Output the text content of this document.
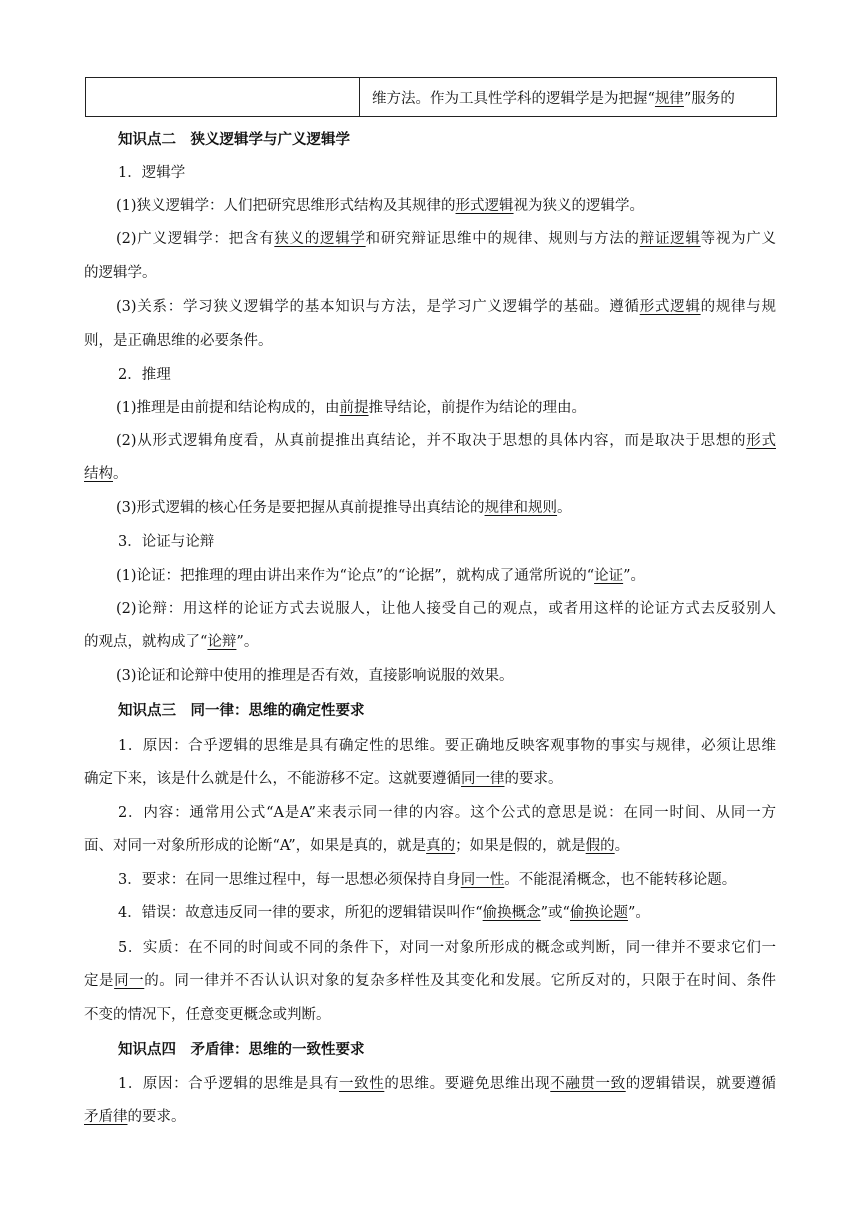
	维方法。作为工具性学科的逻辑学是为把握“规律”服务的
知识点二　狭义逻辑学与广义逻辑学
1．逻辑学
(1)狭义逻辑学：人们把研究思维形式结构及其规律的形式逻辑视为狭义的逻辑学。
(2)广义逻辑学：把含有狭义的逻辑学和研究辩证思维中的规律、规则与方法的辩证逻辑等视为广义
的逻辑学。
(3)关系：学习狭义逻辑学的基本知识与方法，是学习广义逻辑学的基础。遵循形式逻辑的规律与规
则，是正确思维的必要条件。
2．推理
(1)推理是由前提和结论构成的，由前提推导结论，前提作为结论的理由。
(2)从形式逻辑角度看，从真前提推出真结论，并不取决于思想的具体内容，而是取决于思想的形式
结构。
(3)形式逻辑的核心任务是要把握从真前提推导出真结论的规律和规则。
3．论证与论辩
(1)论证：把推理的理由讲出来作为“论点”的“论据”，就构成了通常所说的“论证”。
(2)论辩：用这样的论证方式去说服人，让他人接受自己的观点，或者用这样的论证方式去反驳别人
的观点，就构成了“论辩”。
(3)论证和论辩中使用的推理是否有效，直接影响说服的效果。
知识点三　同一律：思维的确定性要求
1．原因：合乎逻辑的思维是具有确定性的思维。要正确地反映客观事物的事实与规律，必须让思维
确定下来，该是什么就是什么，不能游移不定。这就要遵循同一律的要求。
2．内容：通常用公式“A是A”来表示同一律的内容。这个公式的意思是说：在同一时间、从同一方
面、对同一对象所形成的论断“A”，如果是真的，就是真的；如果是假的，就是假的。
3．要求：在同一思维过程中，每一思想必须保持自身同一性。不能混淆概念，也不能转移论题。
4．错误：故意违反同一律的要求，所犯的逻辑错误叫作“偷换概念”或“偷换论题”。
5．实质：在不同的时间或不同的条件下，对同一对象所形成的概念或判断，同一律并不要求它们一
定是同一的。同一律并不否认认识对象的复杂多样性及其变化和发展。它所反对的，只限于在时间、条件
不变的情况下，任意变更概念或判断。
知识点四　矛盾律：思维的一致性要求
1．原因：合乎逻辑的思维是具有一致性的思维。要避免思维出现不融贯一致的逻辑错误，就要遵循
矛盾律的要求。
